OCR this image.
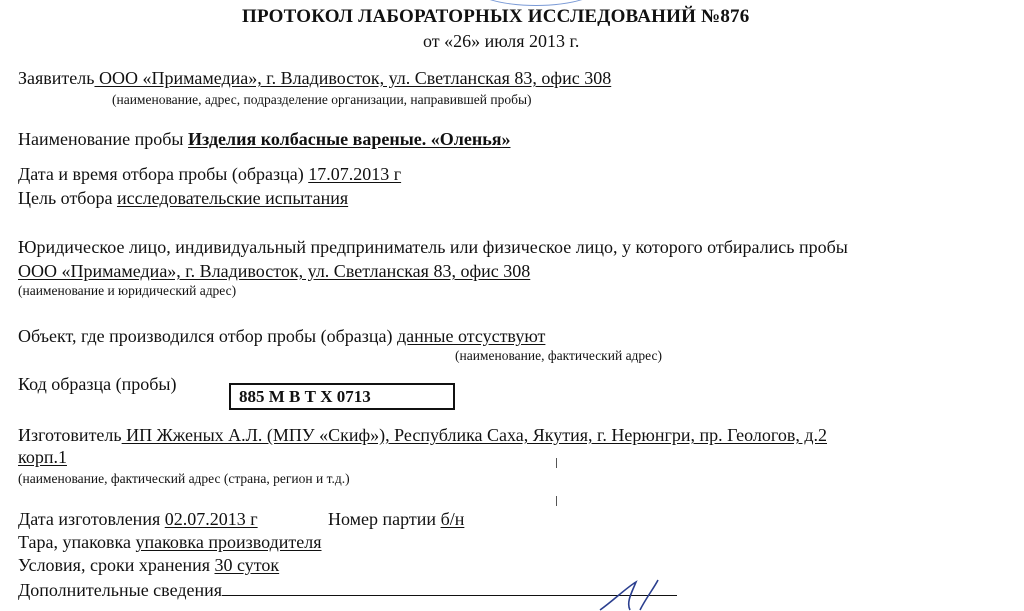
ПРОТОКОЛ ЛАБОРАТОРНЫХ ИССЛЕДОВАНИЙ №876
от «26» июля 2013 г.
Заявитель ООО «Примамедиа», г. Владивосток, ул. Светланская 83, офис 308
(наименование, адрес, подразделение организации, направившей пробы)
Наименование пробы Изделия колбасные вареные. «Оленья»
Дата и время отбора пробы (образца) 17.07.2013 г
Цель отбора исследовательские испытания
Юридическое лицо, индивидуальный предприниматель или физическое лицо, у которого отбирались пробы
ООО «Примамедиа», г. Владивосток, ул. Светланская 83, офис 308
(наименование и юридический адрес)
Объект, где производился отбор пробы (образца) данные отсуствуют
(наименование, фактический адрес)
Код образца (пробы)
885 М В Т Х 0713
Изготовитель ИП Жженых А.Л. (МПУ «Скиф»), Республика Саха, Якутия, г. Нерюнгри, пр. Геологов, д.2
корп.1
(наименование, фактический адрес (страна, регион и т.д.)
Дата изготовления 02.07.2013 г	Номер партии б/н
Тара, упаковка упаковка производителя
Условия, сроки хранения 30 суток
Дополнительные сведения
